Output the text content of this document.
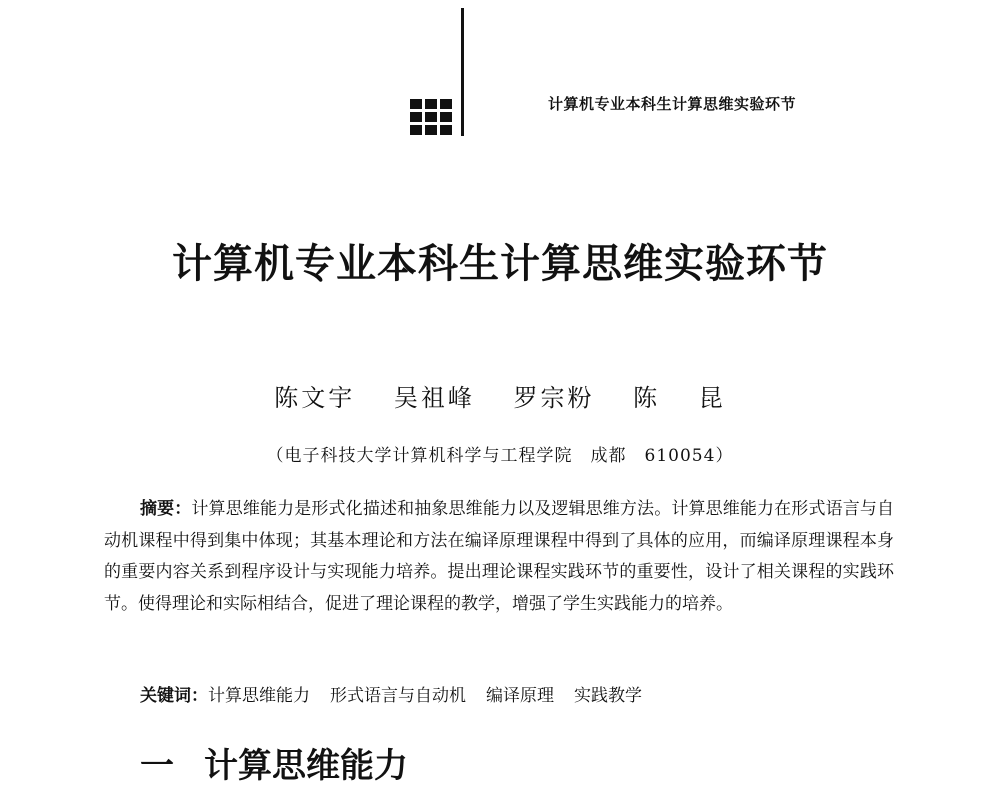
计算机专业本科生计算思维实验环节
计算机专业本科生计算思维实验环节
陈文宇 吴祖峰 罗宗粉 陈 昆
（电子科技大学计算机科学与工程学院　成都　610054）
摘要：计算思维能力是形式化描述和抽象思维能力以及逻辑思维方法。计算思维能力在形式语言与自动机课程中得到集中体现；其基本理论和方法在编译原理课程中得到了具体的应用，而编译原理课程本身的重要内容关系到程序设计与实现能力培养。提出理论课程实践环节的重要性，设计了相关课程的实践环节。使得理论和实际相结合，促进了理论课程的教学，增强了学生实践能力的培养。
关键词：计算思维能力 形式语言与自动机 编译原理 实践教学
一 计算思维能力
